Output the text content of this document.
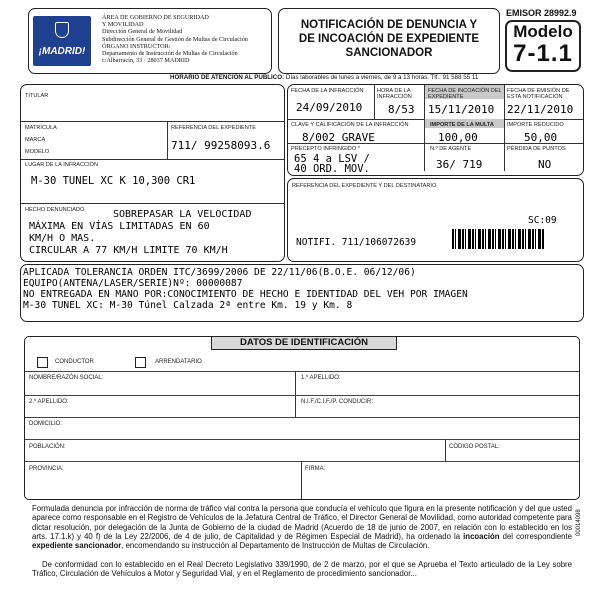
¡MADRID!
ÁREA DE GOBIERNO DE SEGURIDAD
Y MOVILIDAD
Dirección General de Movilidad
Subdirección General de Gestión de Multas de Circulación
ÓRGANO INSTRUCTOR:
Departamento de Instrucción de Multas de Circulación
c/Albarracín, 33 · 28037 MADRID
NOTIFICACIÓN DE DENUNCIA Y
DE INCOACIÓN DE EXPEDIENTE
SANCIONADOR
EMISOR 28992.9
Modelo
7-1.1
HORARIO DE ATENCIÓN AL PÚBLICO: Días laborables de lunes a viernes, de 9 a 13 horas. Tlf.: 91 588 55 11
TITULAR
MATRÍCULA
MARCA
MODELO
REFERENCIA DEL EXPEDIENTE
711/ 99258093.6
LUGAR DE LA INFRACCIÓN
M-30 TUNEL XC K 10,300 CR1
HECHO DENUNCIADO	SOBREPASAR LA VELOCIDAD
MÁXIMA EN VÍAS LIMITADAS EN 60
KM/H O MAS.
CIRCULAR A 77 KM/H LIMITE 70 KM/H
FECHA DE LA INFRACCIÓN
24/09/2010
HORA DE LA INFRACCIÓN
8/53
FECHA DE INCOACIÓN DEL EXPEDIENTE
15/11/2010
FECHA DE EMISIÓN DE ESTA NOTIFICACIÓN
22/11/2010
CLAVE Y CALIFICACIÓN DE LA INFRACCIÓN
8/002 GRAVE
IMPORTE DE LA MULTA
100,00
IMPORTE REDUCIDO
50,00
PRECEPTO INFRINGIDO *
65 4 a LSV /
40 ORD. MOV.
N.º DE AGENTE
36/ 719
PÉRDIDA DE PUNTOS
NO
REFERENCIA DEL EXPEDIENTE Y DEL DESTINATARIO
SC:09
NOTIFI. 711/106072639
APLICADA TOLERANCIA ORDEN ITC/3699/2006 DE 22/11/06(B.O.E. 06/12/06)
EQUIPO(ANTENA/LASER/SERIE)Nº: 00000087
NO ENTREGADA EN MANO POR:CONOCIMIENTO DE HECHO E IDENTIDAD DEL VEH POR IMAGEN
M-30 TUNEL XC: M-30 Túnel Calzada 2ª entre Km. 19 y Km. 8
DATOS DE IDENTIFICACIÓN
CONDUCTOR	ARRENDATARIO
NOMBRE/RAZÓN SOCIAL:	1.º APELLIDO:
2.º APELLIDO:	N.I.F./C.I.F./P. CONDUCIR:
DOMICILIO:
POBLACIÓN:	CÓDIGO POSTAL:
PROVINCIA:	FIRMA:
00014098
Formulada denuncia por infracción de norma de tráfico vial contra la persona que conducía el vehículo que figura en la presente notificación y del que usted aparece como responsable en el Registro de Vehículos de la Jefatura Central de Tráfico, el Director General de Movilidad, como autoridad competente para dictar resolución, por delegación de la Junta de Gobierno de la ciudad de Madrid (Acuerdo de 18 de junio de 2007, en relación con lo establecido en los arts. 17.1.k) y 40 f) de la Ley 22/2006, de 4 de julio, de Capitalidad y de Régimen Especial de Madrid), ha ordenado la incoación del correspondiente expediente sancionador, encomendando su instrucción al Departamento de Instrucción de Multas de Circulación.
De conformidad con lo establecido en el Real Decreto Legislativo 339/1990, de 2 de marzo, por el que se Aprueba el Texto articulado de la Ley sobre Tráfico, Circulación de Vehículos a Motor y Seguridad Vial, y en el Reglamento de procedimiento sancionador...
